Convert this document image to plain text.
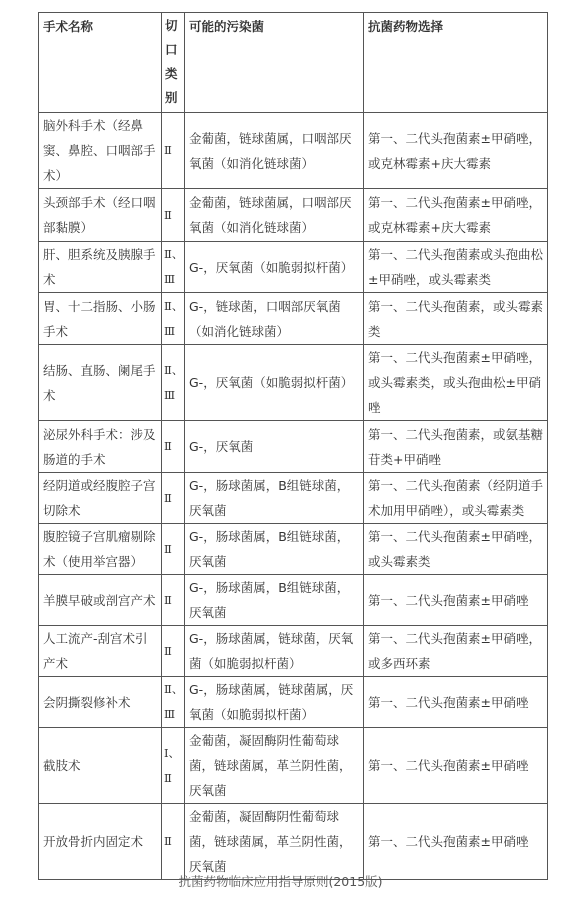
手术名称	切口类别	可能的污染菌	抗菌药物选择
脑外科手术（经鼻窦、鼻腔、口咽部手术）	Ⅱ	金葡菌，链球菌属，口咽部厌氧菌（如消化链球菌）	第一、二代头孢菌素±甲硝唑，或克林霉素+庆大霉素
头颈部手术（经口咽部黏膜）	Ⅱ	金葡菌，链球菌属，口咽部厌氧菌（如消化链球菌）	第一、二代头孢菌素±甲硝唑，或克林霉素+庆大霉素
肝、胆系统及胰腺手术	Ⅱ、Ⅲ	G-，厌氧菌（如脆弱拟杆菌）	第一、二代头孢菌素或头孢曲松±甲硝唑，或头霉素类
胃、十二指肠、小肠手术	Ⅱ、Ⅲ	G-，链球菌，口咽部厌氧菌（如消化链球菌）	第一、二代头孢菌素，或头霉素类
结肠、直肠、阑尾手术	Ⅱ、Ⅲ	G-，厌氧菌（如脆弱拟杆菌）	第一、二代头孢菌素±甲硝唑，或头霉素类，或头孢曲松±甲硝唑
泌尿外科手术：涉及肠道的手术	Ⅱ	G-，厌氧菌	第一、二代头孢菌素，或氨基糖苷类+甲硝唑
经阴道或经腹腔子宫切除术	Ⅱ	G-，肠球菌属，B组链球菌，厌氧菌	第一、二代头孢菌素（经阴道手术加用甲硝唑），或头霉素类
腹腔镜子宫肌瘤剔除术（使用举宫器）	Ⅱ	G-，肠球菌属，B组链球菌，厌氧菌	第一、二代头孢菌素±甲硝唑，或头霉素类
羊膜早破或剖宫产术	Ⅱ	G-，肠球菌属，B组链球菌，厌氧菌	第一、二代头孢菌素±甲硝唑
人工流产-刮宫术引产术	Ⅱ	G-，肠球菌属，链球菌，厌氧菌（如脆弱拟杆菌）	第一、二代头孢菌素±甲硝唑，或多西环素
会阴撕裂修补术	Ⅱ、Ⅲ	G-，肠球菌属，链球菌属，厌氧菌（如脆弱拟杆菌）	第一、二代头孢菌素±甲硝唑
截肢术	Ⅰ、Ⅱ	金葡菌，凝固酶阴性葡萄球菌，链球菌属，革兰阴性菌，厌氧菌	第一、二代头孢菌素±甲硝唑
开放骨折内固定术	Ⅱ	金葡菌，凝固酶阴性葡萄球菌，链球菌属，革兰阴性菌，厌氧菌	第一、二代头孢菌素±甲硝唑
抗菌药物临床应用指导原则(2015版)
